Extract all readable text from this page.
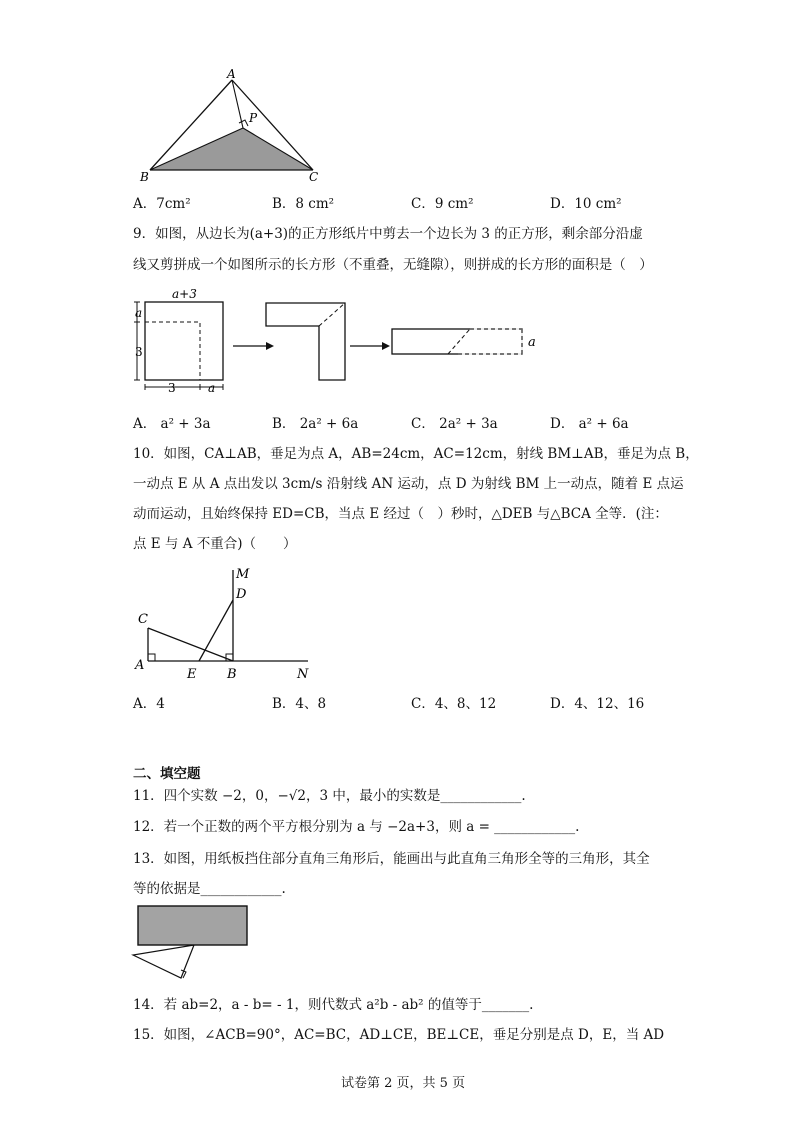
A
P
B	C
A．7cm²	B．8 cm²	C．9 cm²	D．10 cm²
9．如图，从边长为(a+3)的正方形纸片中剪去一个边长为 3 的正方形，剩余部分沿虚
线又剪拼成一个如图所示的长方形（不重叠，无缝隙），则拼成的长方形的面积是（　）
a+3
a
3
3	a
a
A． a² + 3a	B． 2a² + 6a	C． 2a² + 3a	D． a² + 6a
10．如图，CA⊥AB，垂足为点 A，AB=24cm，AC=12cm，射线 BM⊥AB，垂足为点 B，
一动点 E 从 A 点出发以 3cm/s 沿射线 AN 运动，点 D 为射线 BM 上一动点，随着 E 点运
动而运动，且始终保持 ED=CB，当点 E 经过（　）秒时，△DEB 与△BCA 全等．(注：
点 E 与 A 不重合)（　　）
M
D
C
A
E B	N
A．4	B．4、8	C．4、8、12	D．4、12、16
二、填空题
11．四个实数 −2，0，−√2，3 中，最小的实数是____________.
12．若一个正数的两个平方根分别为 a 与 −2a+3，则 a = ____________.
13．如图，用纸板挡住部分直角三角形后，能画出与此直角三角形全等的三角形，其全
等的依据是____________.
14．若 ab=2，a - b= - 1，则代数式 a²b - ab² 的值等于_______.
15．如图，∠ACB=90°，AC=BC，AD⊥CE，BE⊥CE，垂足分别是点 D，E，当 AD
试卷第 2 页，共 5 页
